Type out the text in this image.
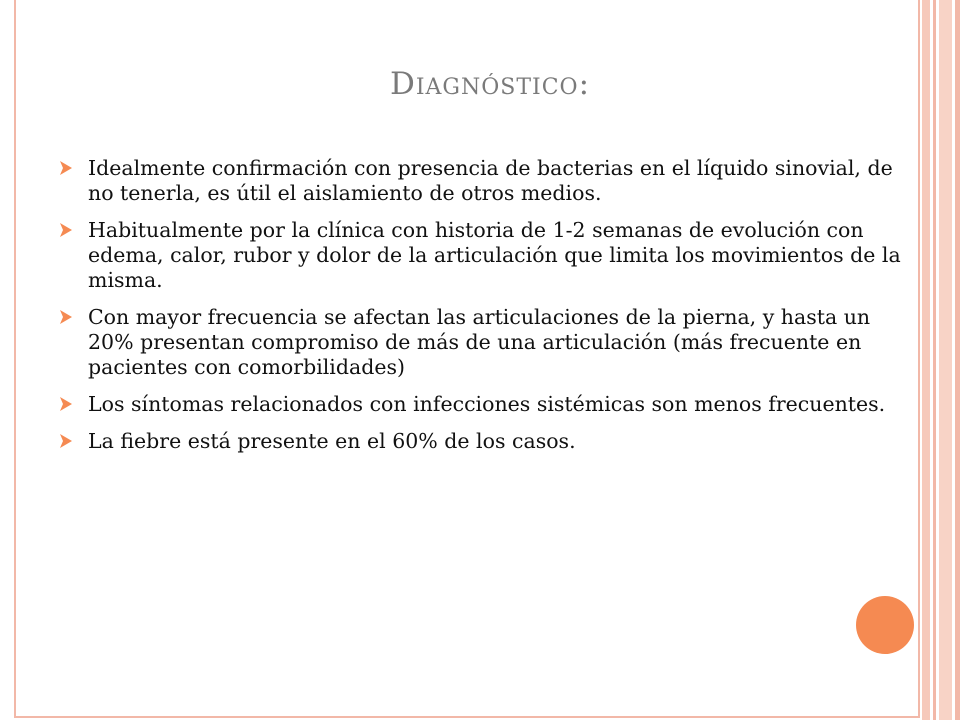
Diagnóstico:
Idealmente confirmación con presencia de bacterias en el líquido sinovial, de no tenerla, es útil el aislamiento de otros medios.
Habitualmente por la clínica con historia de 1-2 semanas de evolución con edema, calor, rubor y dolor de la articulación que limita los movimientos de la misma.
Con mayor frecuencia se afectan las articulaciones de la pierna, y hasta un 20% presentan compromiso de más de una articulación (más frecuente en pacientes con comorbilidades)
Los síntomas relacionados con infecciones sistémicas son menos frecuentes.
La fiebre está presente en el 60% de los casos.
